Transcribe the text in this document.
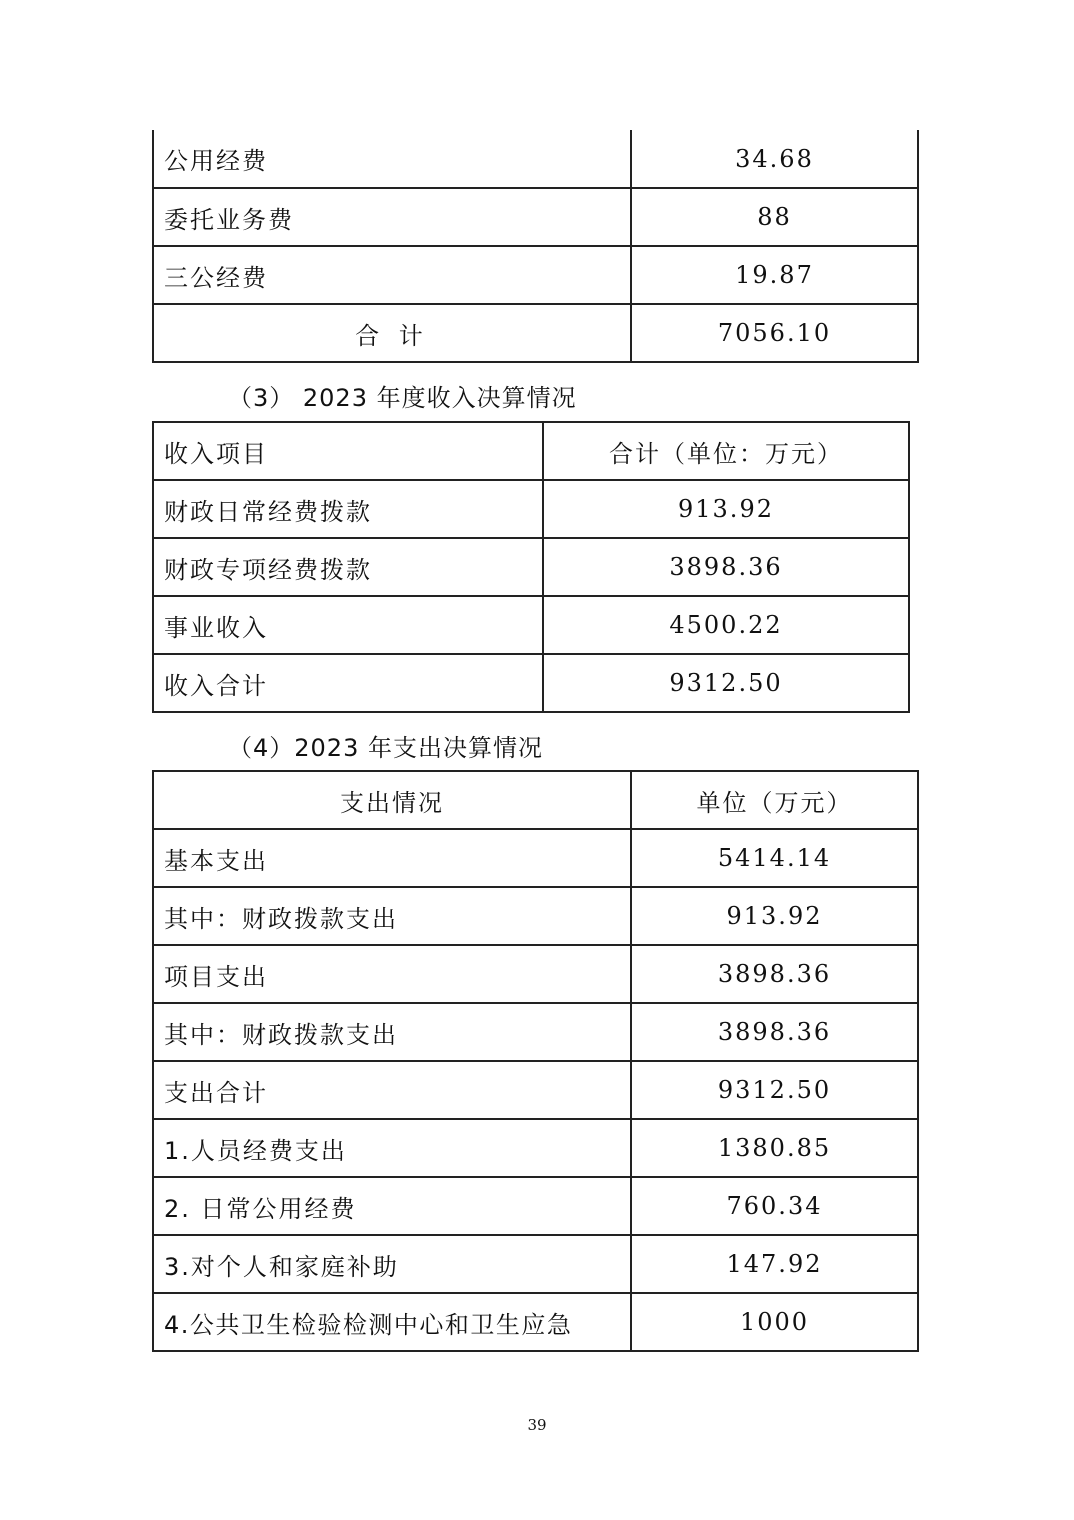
公用经费	34.68
委托业务费	88
三公经费	19.87
合 计	7056.10
（3） 2023 年度收入决算情况
收入项目	合计（单位：万元）
财政日常经费拨款	913.92
财政专项经费拨款	3898.36
事业收入	4500.22
收入合计	9312.50
（4）2023 年支出决算情况
支出情况	单位（万元）
基本支出	5414.14
其中：财政拨款支出	913.92
项目支出	3898.36
其中：财政拨款支出	3898.36
支出合计	9312.50
1.人员经费支出	1380.85
2. 日常公用经费	760.34
3.对个人和家庭补助	147.92
4.公共卫生检验检测中心和卫生应急	1000
39
